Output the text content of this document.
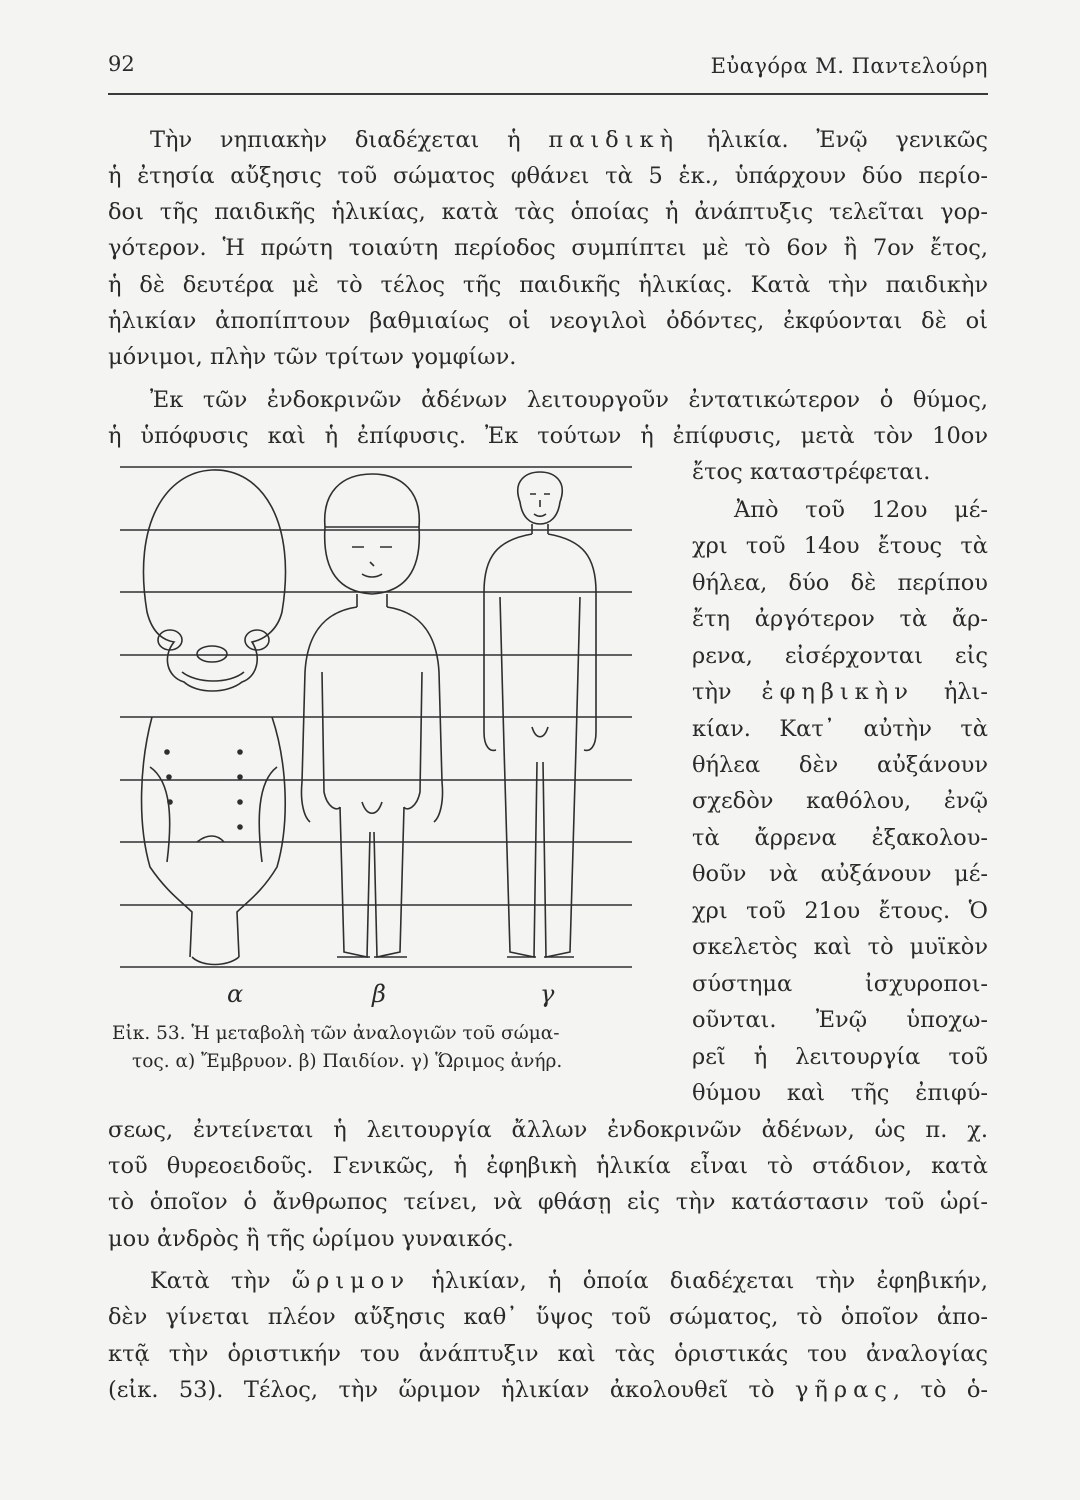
92	Εὐαγόρα Μ. Παντελούρη
Τὴν νηπιακὴν διαδέχεται ἡ παιδικὴ ἡλικία. Ἐνῷ γενικῶς
ἡ ἐτησία αὔξησις τοῦ σώματος φθάνει τὰ 5 ἑκ., ὑπάρχουν δύο περίο-
δοι τῆς παιδικῆς ἡλικίας, κατὰ τὰς ὁποίας ἡ ἀνάπτυξις τελεῖται γορ-
γότερον. Ἡ πρώτη τοιαύτη περίοδος συμπίπτει μὲ τὸ 6ον ἢ 7ον ἔτος,
ἡ δὲ δευτέρα μὲ τὸ τέλος τῆς παιδικῆς ἡλικίας. Κατὰ τὴν παιδικὴν
ἡλικίαν ἀποπίπτουν βαθμιαίως οἱ νεογιλοὶ ὀδόντες, ἐκφύονται δὲ οἱ
μόνιμοι, πλὴν τῶν τρίτων γομφίων.
Ἐκ τῶν ἐνδοκρινῶν ἀδένων λειτουργοῦν ἐντατικώτερον ὁ θύμος,
ἡ ὑπόφυσις καὶ ἡ ἐπίφυσις. Ἐκ τούτων ἡ ἐπίφυσις, μετὰ τὸν 10ον
ἔτος καταστρέφεται.
Ἀπὸ τοῦ 12ου μέ-
χρι τοῦ 14ου ἔτους τὰ
θήλεα, δύο δὲ περίπου
ἔτη ἀργότερον τὰ ἄρ-
ρενα, εἰσέρχονται εἰς
τὴν ἐφηβικὴν ἡλι-
κίαν. Κατ᾽ αὐτὴν τὰ
θήλεα δὲν αὐξάνουν
σχεδὸν καθόλου, ἐνῷ
τὰ ἄρρενα ἐξακολου-
θοῦν νὰ αὐξάνουν μέ-
χρι τοῦ 21ου ἔτους. Ὁ
σκελετὸς καὶ τὸ μυϊκὸν
σύστημα ἰσχυροποι-
οῦνται. Ἐνῷ ὑποχω-
ρεῖ ἡ λειτουργία τοῦ
θύμου καὶ τῆς ἐπιφύ-
σεως, ἐντείνεται ἡ λειτουργία ἄλλων ἐνδοκρινῶν ἀδένων, ὡς π. χ.
τοῦ θυρεοειδοῦς. Γενικῶς, ἡ ἐφηβικὴ ἡλικία εἶναι τὸ στάδιον, κατὰ
τὸ ὁποῖον ὁ ἄνθρωπος τείνει, νὰ φθάσῃ εἰς τὴν κατάστασιν τοῦ ὡρί-
μου ἀνδρὸς ἢ τῆς ὡρίμου γυναικός.
Κατὰ τὴν ὥριμον ἡλικίαν, ἡ ὁποία διαδέχεται τὴν ἐφηβικήν,
δὲν γίνεται πλέον αὔξησις καθ᾽ ὕψος τοῦ σώματος, τὸ ὁποῖον ἀπο-
κτᾷ τὴν ὁριστικήν του ἀνάπτυξιν καὶ τὰς ὁριστικάς του ἀναλογίας
(εἰκ. 53). Τέλος, τὴν ὥριμον ἡλικίαν ἀκολουθεῖ τὸ γῆρας, τὸ ὁ-
α	β	γ
Εἰκ. 53. Ἡ μεταβολὴ τῶν ἀναλογιῶν τοῦ σώμα-
τος. α) Ἔμβρυον. β) Παιδίον. γ) Ὥριμος ἀνήρ.
